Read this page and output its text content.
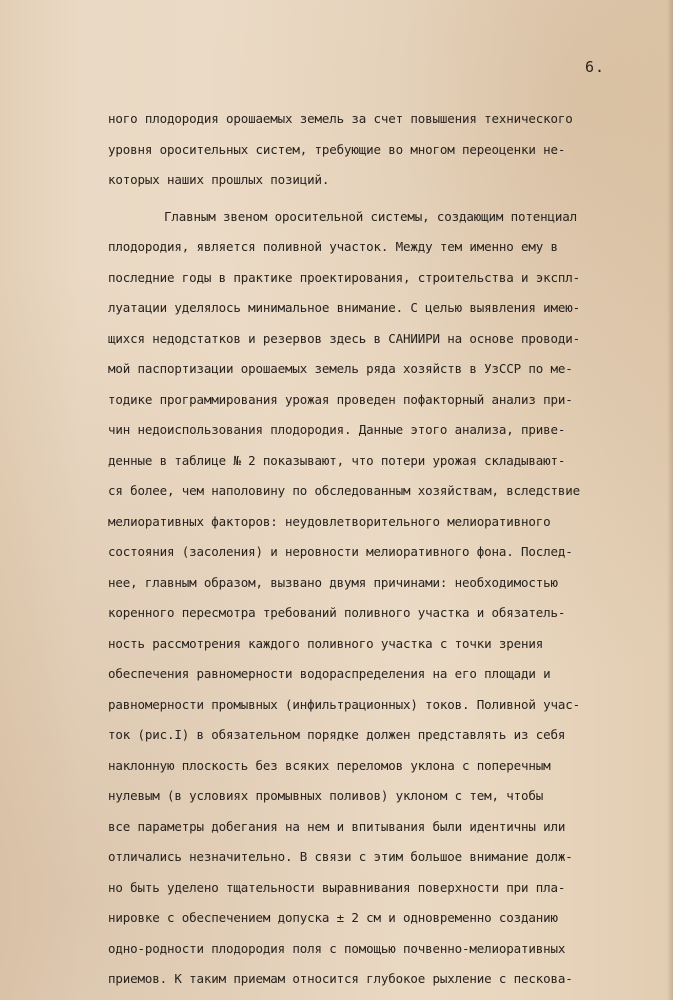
6.
ного плодородия орошаемых земель за счет повышения технического
уровня оросительных систем, требующие во многом переоценки не-
которых наших прошлых позиций.
Главным звеном оросительной системы, создающим потенциал
плодородия, является поливной участок. Между тем именно ему в
последние годы в практике проектирования, строительства и экспл-
луатации уделялось минимальное внимание. С целью выявления имею-
щихся недодстатков и резервов здесь в САНИИРИ на основе проводи-
мой паспортизации орошаемых земель ряда хозяйств в УзССР по ме-
тодике программирования урожая проведен пофакторный анализ при-
чин недоиспользования плодородия. Данные этого анализа, приве-
денные в таблице № 2 показывают, что потери урожая складывают-
ся более, чем наполовину по обследованным хозяйствам, вследствие
мелиоративных факторов: неудовлетворительного мелиоративного
состояния (засоления) и неровности мелиоративного фона. Послед-
нее, главным образом, вызвано двумя причинами: необходимостью
коренного пересмотра требований поливного участка и обязатель-
ность рассмотрения каждого поливного участка с точки зрения
обеспечения равномерности водораспределения на его площади и
равномерности промывных (инфильтрационных) токов. Поливной учас-
ток (рис.I) в обязательном порядке должен представлять из себя
наклонную плоскость без всяких переломов уклона с поперечным
нулевым (в условиях промывных поливов) уклоном с тем, чтобы
все параметры добегания на нем и впитывания были идентичны или
отличались незначительно. В связи с этим большое внимание долж-
но быть уделено тщательности выравнивания поверхности при пла-
нировке с обеспечением допуска ± 2 см и одновременно созданию
одно-родности плодородия поля с помощью почвенно-мелиоративных
приемов. К таким приемам относится глубокое рыхление с пескова-
